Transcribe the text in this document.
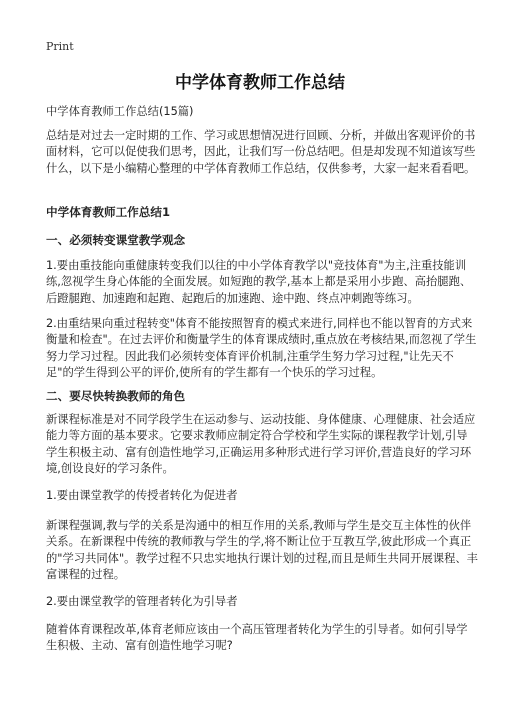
Print
中学体育教师工作总结

中学体育教师工作总结(15篇)

总结是对过去一定时期的工作、学习或思想情况进行回顾、分析，并做出客观评价的书面材料，它可以促使我们思考，因此，让我们写一份总结吧。但是却发现不知道该写些什么，以下是小编精心整理的中学体育教师工作总结，仅供参考，大家一起来看看吧。

中学体育教师工作总结1

一、必须转变课堂教学观念

1.要由重技能向重健康转变我们以往的中小学体育教学以"竞技体育"为主,注重技能训练,忽视学生身心体能的全面发展。如短跑的教学,基本上都是采用小步跑、高抬腿跑、后蹬腿跑、加速跑和起跑、起跑后的加速跑、途中跑、终点冲刺跑等练习。

2.由重结果向重过程转变"体育不能按照智育的模式来进行,同样也不能以智育的方式来衡量和检查"。在过去评价和衡量学生的体育课成绩时,重点放在考核结果,而忽视了学生努力学习过程。因此我们必须转变体育评价机制,注重学生努力学习过程,"让先天不足"的学生得到公平的评价,使所有的学生都有一个快乐的学习过程。

二、要尽快转换教师的角色

新课程标准是对不同学段学生在运动参与、运动技能、身体健康、心理健康、社会适应能力等方面的基本要求。它要求教师应制定符合学校和学生实际的课程教学计划,引导学生积极主动、富有创造性地学习,正确运用多种形式进行学习评价,营造良好的学习环境,创设良好的学习条件。

1.要由课堂教学的传授者转化为促进者

新课程强调,教与学的关系是沟通中的相互作用的关系,教师与学生是交互主体性的伙伴关系。在新课程中传统的教师教与学生的学,将不断让位于互教互学,彼此形成一个真正的"学习共同体"。教学过程不只忠实地执行课计划的过程,而且是师生共同开展课程、丰富课程的过程。

2.要由课堂教学的管理者转化为引导者

随着体育课程改革,体育老师应该由一个高压管理者转化为学生的引导者。如何引导学生积极、主动、富有创造性地学习呢?
